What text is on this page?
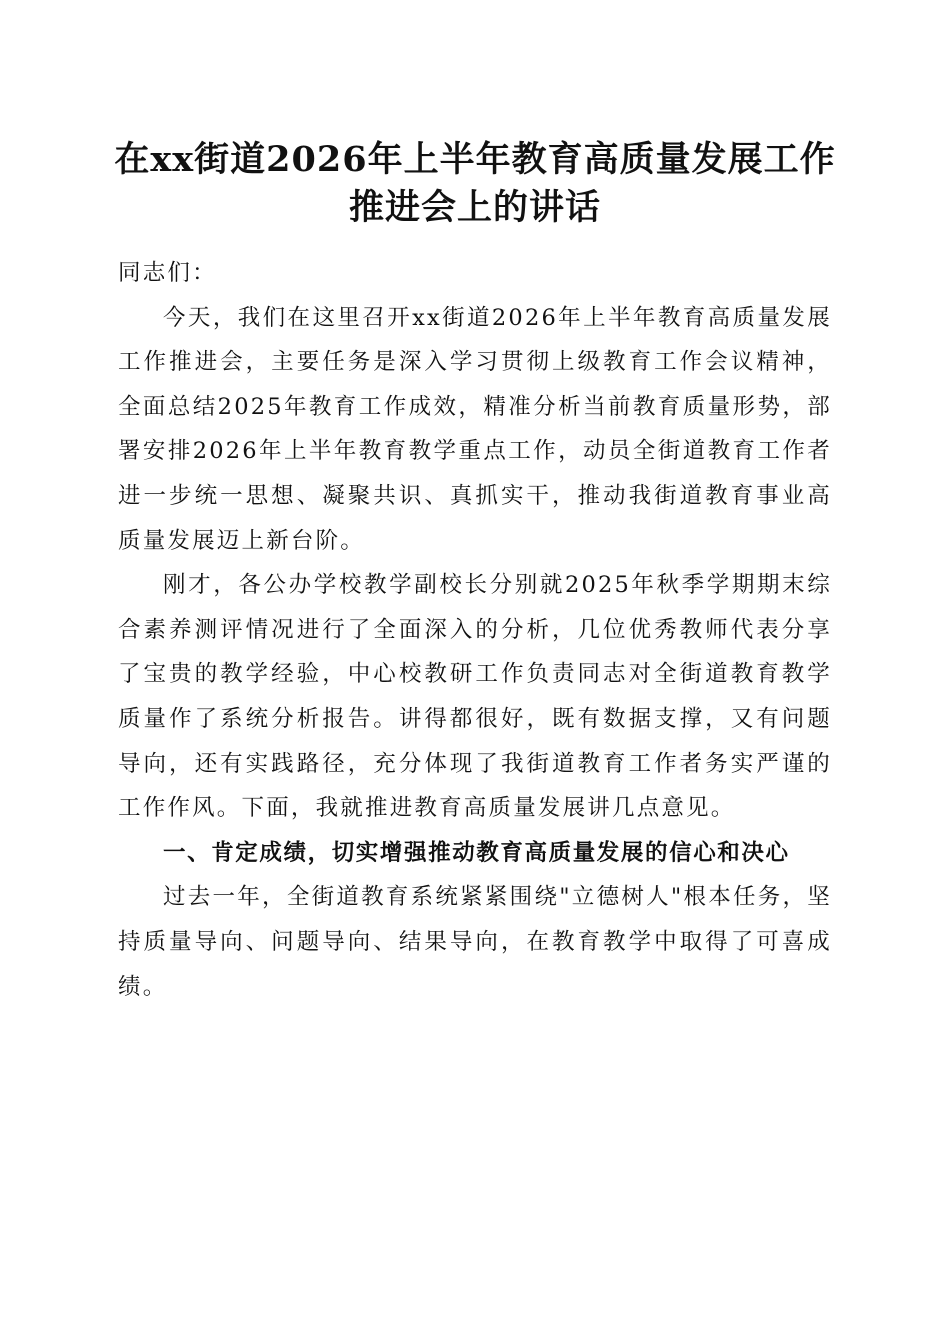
在xx街道2026年上半年教育高质量发展工作
推进会上的讲话

同志们：

今天，我们在这里召开xx街道2026年上半年教育高质量发展工作推进会，主要任务是深入学习贯彻上级教育工作会议精神，全面总结2025年教育工作成效，精准分析当前教育质量形势，部署安排2026年上半年教育教学重点工作，动员全街道教育工作者进一步统一思想、凝聚共识、真抓实干，推动我街道教育事业高质量发展迈上新台阶。

刚才，各公办学校教学副校长分别就2025年秋季学期期末综合素养测评情况进行了全面深入的分析，几位优秀教师代表分享了宝贵的教学经验，中心校教研工作负责同志对全街道教育教学质量作了系统分析报告。讲得都很好，既有数据支撑，又有问题导向，还有实践路径，充分体现了我街道教育工作者务实严谨的工作作风。下面，我就推进教育高质量发展讲几点意见。

一、肯定成绩，切实增强推动教育高质量发展的信心和决心

过去一年，全街道教育系统紧紧围绕"立德树人"根本任务，坚持质量导向、问题导向、结果导向，在教育教学中取得了可喜成绩。
